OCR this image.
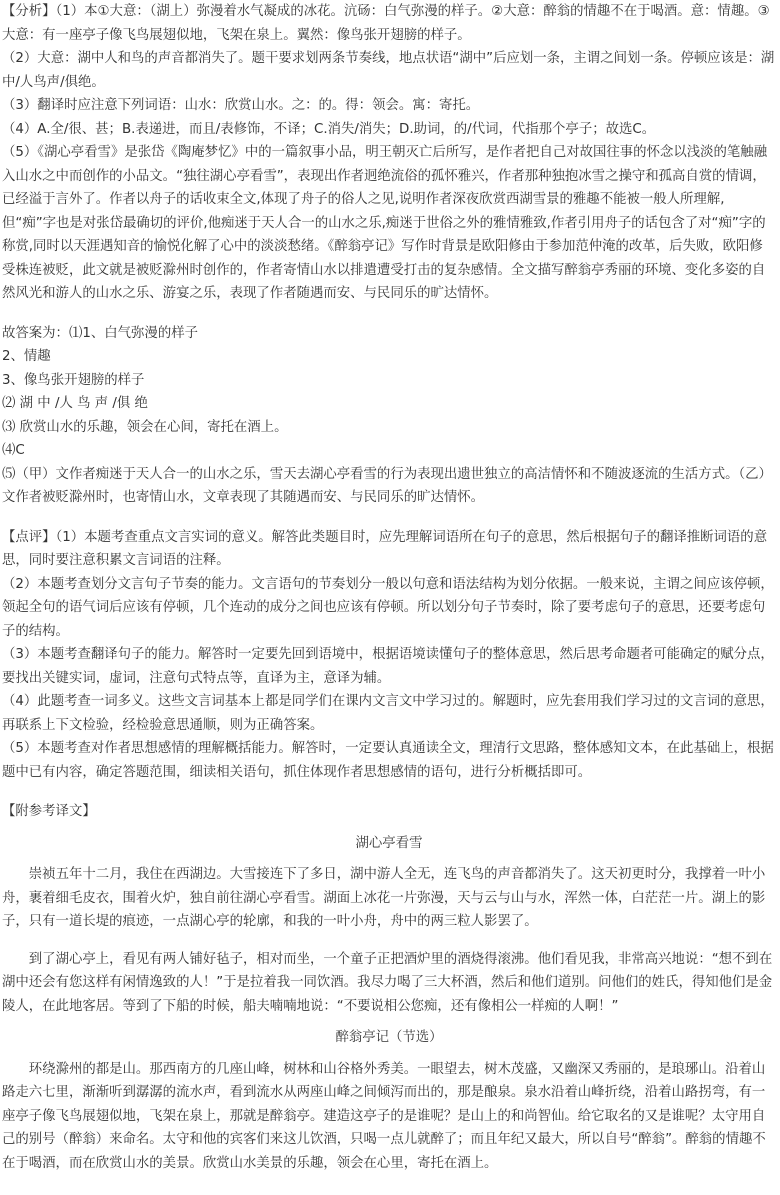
【分析】（1）本①大意：（湖上）弥漫着水气凝成的冰花。沆砀：白气弥漫的样子。②大意：醉翁的情趣不在于喝酒。意：情趣。③大意：有一座亭子像飞鸟展翅似地，飞架在泉上。翼然：像鸟张开翅膀的样子。

（2）大意：湖中人和鸟的声音都消失了。题干要求划两条节奏线，地点状语“湖中”后应划一条，主谓之间划一条。停顿应该是：湖中/人鸟声/俱绝。

（3）翻译时应注意下列词语：山水：欣赏山水。之：的。得：领会。寓：寄托。

（4）A.全/很、甚；B.表递进，而且/表修饰，不译；C.消失/消失；D.助词，的/代词，代指那个亭子；故选C。

（5）《湖心亭看雪》是张岱《陶庵梦忆》中的一篇叙事小品，明王朝灭亡后所写，是作者把自己对故国往事的怀念以浅淡的笔触融入山水之中而创作的小品文。“独往湖心亭看雪”，表现出作者迥绝流俗的孤怀雅兴，作者那种独抱冰雪之操守和孤高自赏的情调，已经溢于言外了。作者以舟子的话收束全文,体现了舟子的俗人之见,说明作者深夜欣赏西湖雪景的雅趣不能被一般人所理解,但“痴”字也是对张岱最确切的评价,他痴迷于天人合一的山水之乐,痴迷于世俗之外的雅情雅致,作者引用舟子的话包含了对“痴”字的称赏,同时以天涯遇知音的愉悦化解了心中的淡淡愁绪。《醉翁亭记》写作时背景是欧阳修由于参加范仲淹的改革，后失败，欧阳修受株连被贬，此文就是被贬滁州时创作的，作者寄情山水以排遣遭受打击的复杂感情。全文描写醉翁亭秀丽的环境、变化多姿的自然风光和游人的山水之乐、游宴之乐，表现了作者随遇而安、与民同乐的旷达情怀。

故答案为：⑴1、白气弥漫的样子

2、情趣

3、像鸟张开翅膀的样子

⑵ 湖 中 /人 鸟 声 /俱 绝

⑶ 欣赏山水的乐趣，领会在心间，寄托在酒上。

⑷C

⑸（甲）文作者痴迷于天人合一的山水之乐，雪天去湖心亭看雪的行为表现出遗世独立的高洁情怀和不随波逐流的生活方式。（乙）文作者被贬滁州时，也寄情山水，文章表现了其随遇而安、与民同乐的旷达情怀。

【点评】（1）本题考查重点文言实词的意义。解答此类题目时，应先理解词语所在句子的意思，然后根据句子的翻译推断词语的意思，同时要注意积累文言词语的注释。

（2）本题考查划分文言句子节奏的能力。文言语句的节奏划分一般以句意和语法结构为划分依据。一般来说，主谓之间应该停顿，领起全句的语气词后应该有停顿，几个连动的成分之间也应该有停顿。所以划分句子节奏时，除了要考虑句子的意思，还要考虑句子的结构。

（3）本题考查翻译句子的能力。解答时一定要先回到语境中，根据语境读懂句子的整体意思，然后思考命题者可能确定的赋分点，要找出关键实词，虚词，注意句式特点等，直译为主，意译为辅。

（4）此题考查一词多义。这些文言词基本上都是同学们在课内文言文中学习过的。解题时，应先套用我们学习过的文言词的意思，再联系上下文检验，经检验意思通顺，则为正确答案。

（5）本题考查对作者思想感情的理解概括能力。解答时，一定要认真通读全文，理清行文思路，整体感知文本，在此基础上，根据题中已有内容，确定答题范围，细读相关语句，抓住体现作者思想感情的语句，进行分析概括即可。

【附参考译文】

湖心亭看雪

崇祯五年十二月，我住在西湖边。大雪接连下了多日，湖中游人全无，连飞鸟的声音都消失了。这天初更时分，我撑着一叶小舟，裹着细毛皮衣，围着火炉，独自前往湖心亭看雪。湖面上冰花一片弥漫，天与云与山与水，浑然一体，白茫茫一片。湖上的影子，只有一道长堤的痕迹，一点湖心亭的轮廓，和我的一叶小舟，舟中的两三粒人影罢了。

到了湖心亭上，看见有两人铺好毡子，相对而坐，一个童子正把酒炉里的酒烧得滚沸。他们看见我，非常高兴地说：“想不到在湖中还会有您这样有闲情逸致的人！”于是拉着我一同饮酒。我尽力喝了三大杯酒，然后和他们道别。问他们的姓氏，得知他们是金陵人，在此地客居。等到了下船的时候，船夫喃喃地说：“不要说相公您痴，还有像相公一样痴的人啊！”

醉翁亭记（节选）

环绕滁州的都是山。那西南方的几座山峰，树林和山谷格外秀美。一眼望去，树木茂盛，又幽深又秀丽的，是琅琊山。沿着山路走六七里，渐渐听到潺潺的流水声，看到流水从两座山峰之间倾泻而出的，那是酿泉。泉水沿着山峰折绕，沿着山路拐弯，有一座亭子像飞鸟展翅似地，飞架在泉上，那就是醉翁亭。建造这亭子的是谁呢？是山上的和尚智仙。给它取名的又是谁呢？太守用自己的别号（醉翁）来命名。太守和他的宾客们来这儿饮酒，只喝一点儿就醉了；而且年纪又最大，所以自号“醉翁”。醉翁的情趣不在于喝酒，而在欣赏山水的美景。欣赏山水美景的乐趣，领会在心里，寄托在酒上。
